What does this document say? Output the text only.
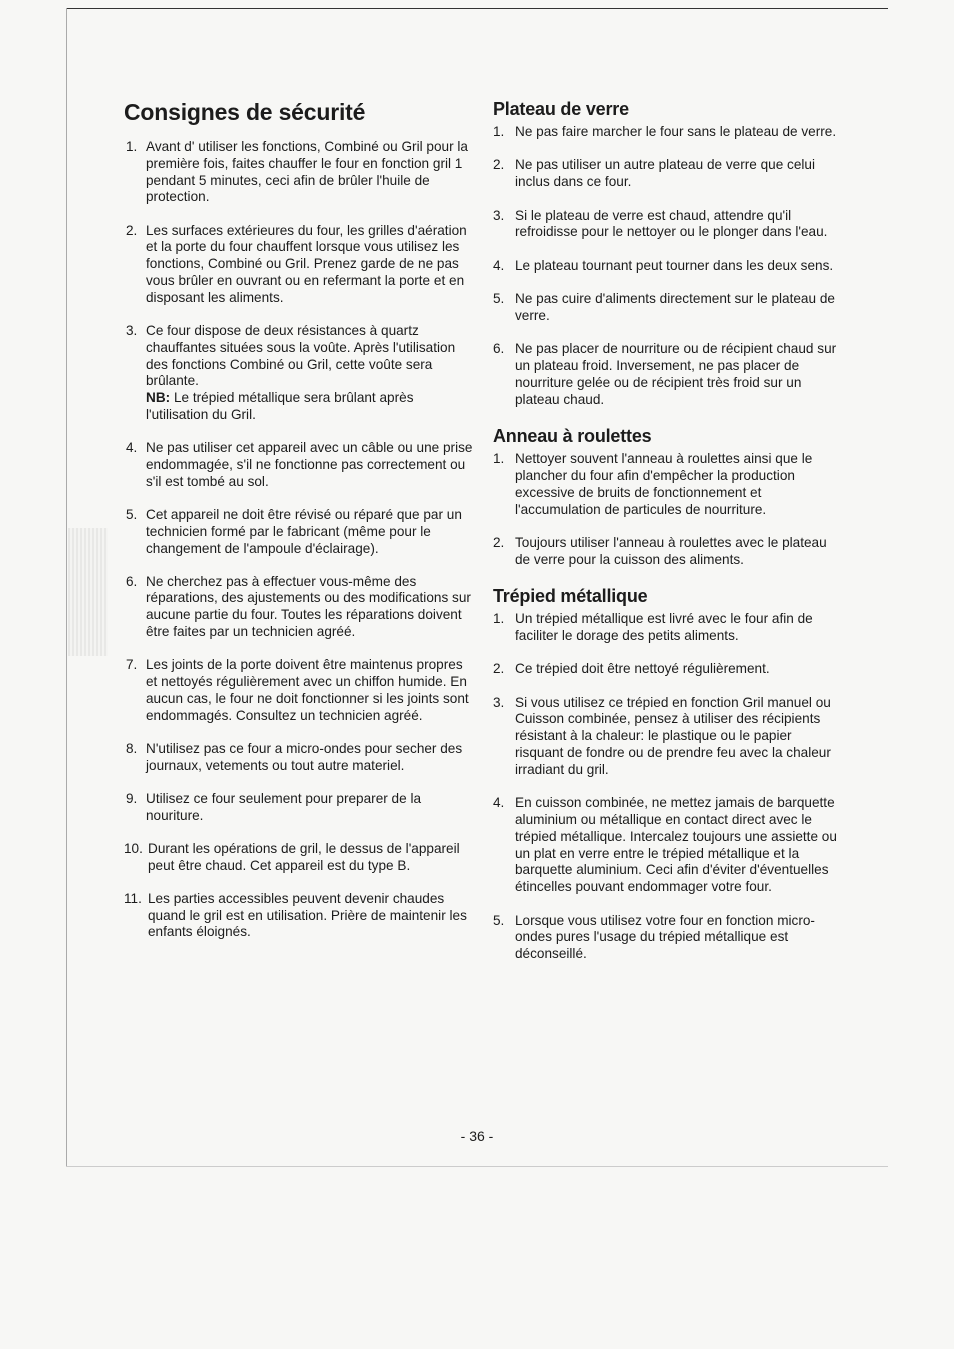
Consignes de sécurité
1. Avant d' utiliser les fonctions, Combiné ou Gril pour la première fois, faites chauffer le four en fonction gril 1 pendant 5 minutes, ceci afin de brûler l'huile de protection.
2. Les surfaces extérieures du four, les grilles d'aération et la porte du four chauffent lorsque vous utilisez les fonctions, Combiné ou Gril. Prenez garde de ne pas vous brûler en ouvrant ou en refermant la porte et en disposant les aliments.
3. Ce four dispose de deux résistances à quartz chauffantes situées sous la voûte. Après l'utilisation des fonctions Combiné ou Gril, cette voûte sera brûlante.
NB: Le trépied métallique sera brûlant après l'utilisation du Gril.
4. Ne pas utiliser cet appareil avec un câble ou une prise endommagée, s'il ne fonctionne pas correctement ou s'il est tombé au sol.
5. Cet appareil ne doit être révisé ou réparé que par un technicien formé par le fabricant (même pour le changement de l'ampoule d'éclairage).
6. Ne cherchez pas à effectuer vous-même des réparations, des ajustements ou des modifications sur aucune partie du four. Toutes les réparations doivent être faites par un technicien agréé.
7. Les joints de la porte doivent être maintenus propres et nettoyés régulièrement avec un chiffon humide. En aucun cas, le four ne doit fonctionner si les joints sont endommagés. Consultez un technicien agréé.
8. N'utilisez pas ce four a micro-ondes pour secher des journaux, vetements ou tout autre materiel.
9. Utilisez ce four seulement pour preparer de la nouriture.
10. Durant les opérations de gril, le dessus de l'appareil peut être chaud. Cet appareil est du type B.
11. Les parties accessibles peuvent devenir chaudes quand le gril est en utilisation. Prière de maintenir les enfants éloignés.
Plateau de verre
1. Ne pas faire marcher le four sans le plateau de verre.
2. Ne pas utiliser un autre plateau de verre que celui inclus dans ce four.
3. Si le plateau de verre est chaud, attendre qu'il refroidisse pour le nettoyer ou le plonger dans l'eau.
4. Le plateau tournant peut tourner dans les deux sens.
5. Ne pas cuire d'aliments directement sur le plateau de verre.
6. Ne pas placer de nourriture ou de récipient chaud sur un plateau froid. Inversement, ne pas placer de nourriture gelée ou de récipient très froid sur un plateau chaud.
Anneau à roulettes
1. Nettoyer souvent l'anneau à roulettes ainsi que le plancher du four afin d'empêcher la production excessive de bruits de fonctionnement et l'accumulation de particules de nourriture.
2. Toujours utiliser l'anneau à roulettes avec le plateau de verre pour la cuisson des aliments.
Trépied métallique
1. Un trépied métallique est livré avec le four afin de faciliter le dorage des petits aliments.
2. Ce trépied doit être nettoyé régulièrement.
3. Si vous utilisez ce trépied en fonction Gril manuel ou Cuisson combinée, pensez à utiliser des récipients résistant à la chaleur: le plastique ou le papier risquant de fondre ou de prendre feu avec la chaleur irradiant du gril.
4. En cuisson combinée, ne mettez jamais de barquette aluminium ou métallique en contact direct avec le trépied métallique. Intercalez toujours une assiette ou un plat en verre entre le trépied métallique et la barquette aluminium. Ceci afin d'éviter d'éventuelles étincelles pouvant endommager votre four.
5. Lorsque vous utilisez votre four en fonction micro-ondes pures l'usage du trépied métallique est déconseillé.
- 36 -
